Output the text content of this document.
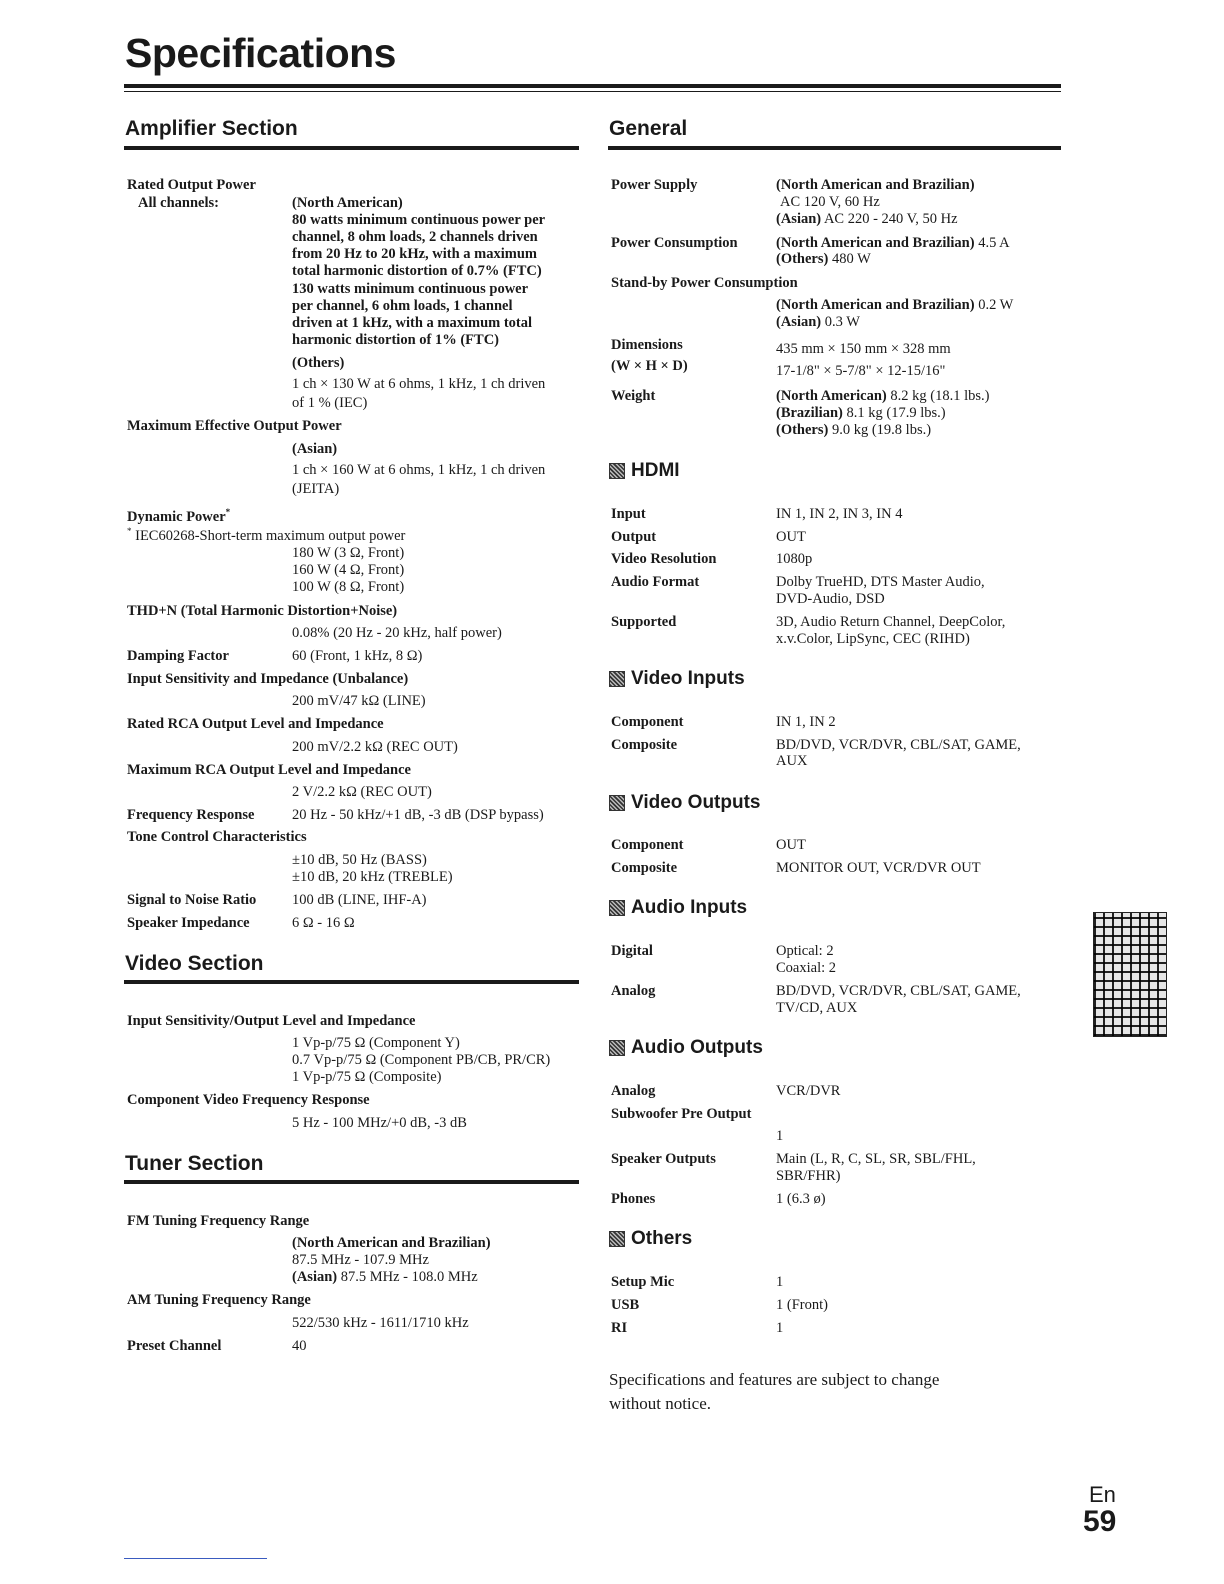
Specifications
Amplifier Section
Rated Output Power
All channels:	(North American)
80 watts minimum continuous power per
channel, 8 ohm loads, 2 channels driven
from 20 Hz to 20 kHz, with a maximum
total harmonic distortion of 0.7% (FTC)
130 watts minimum continuous power
per channel, 6 ohm loads, 1 channel
driven at 1 kHz, with a maximum total
harmonic distortion of 1% (FTC)
(Others)
1 ch × 130 W at 6 ohms, 1 kHz, 1 ch driven
of 1 % (IEC)
Maximum Effective Output Power
(Asian)
1 ch × 160 W at 6 ohms, 1 kHz, 1 ch driven
(JEITA)
Dynamic Power*
* IEC60268-Short-term maximum output power
180 W (3 Ω, Front)
160 W (4 Ω, Front)
100 W (8 Ω, Front)
THD+N (Total Harmonic Distortion+Noise)
0.08% (20 Hz - 20 kHz, half power)
Damping Factor	60 (Front, 1 kHz, 8 Ω)
Input Sensitivity and Impedance (Unbalance)
200 mV/47 kΩ (LINE)
Rated RCA Output Level and Impedance
200 mV/2.2 kΩ (REC OUT)
Maximum RCA Output Level and Impedance
2 V/2.2 kΩ (REC OUT)
Frequency Response	20 Hz - 50 kHz/+1 dB, -3 dB (DSP bypass)
Tone Control Characteristics
±10 dB, 50 Hz (BASS)
±10 dB, 20 kHz (TREBLE)
Signal to Noise Ratio 100 dB (LINE, IHF-A)
Speaker Impedance	6 Ω - 16 Ω
Video Section
Input Sensitivity/Output Level and Impedance
1 Vp-p/75 Ω (Component Y)
0.7 Vp-p/75 Ω (Component PB/CB, PR/CR)
1 Vp-p/75 Ω (Composite)
Component Video Frequency Response
5 Hz - 100 MHz/+0 dB, -3 dB
Tuner Section
FM Tuning Frequency Range
(North American and Brazilian)
87.5 MHz - 107.9 MHz
(Asian) 87.5 MHz - 108.0 MHz
AM Tuning Frequency Range
522/530 kHz - 1611/1710 kHz
Preset Channel	40
General
Power Supply	(North American and Brazilian)
AC 120 V, 60 Hz
(Asian) AC 220 - 240 V, 50 Hz
Power Consumption	(North American and Brazilian) 4.5 A
(Others) 480 W
Stand-by Power Consumption
(North American and Brazilian) 0.2 W
(Asian) 0.3 W
Dimensions
(W × H × D)
435 mm × 150 mm × 328 mm
17-1/8" × 5-7/8" × 12-15/16"
Weight	(North American) 8.2 kg (18.1 lbs.)
(Brazilian) 8.1 kg (17.9 lbs.)
(Others) 9.0 kg (19.8 lbs.)
HDMI
Input	IN 1, IN 2, IN 3, IN 4
Output	OUT
Video Resolution	1080p
Audio Format	Dolby TrueHD, DTS Master Audio,
DVD-Audio, DSD
Supported	3D, Audio Return Channel, DeepColor,
x.v.Color, LipSync, CEC (RIHD)
Video Inputs
Component	IN 1, IN 2
Composite	BD/DVD, VCR/DVR, CBL/SAT, GAME,
AUX
Video Outputs
Component	OUT
Composite	MONITOR OUT, VCR/DVR OUT
Audio Inputs
Digital	Optical: 2
Coaxial: 2
Analog	BD/DVD, VCR/DVR, CBL/SAT, GAME,
TV/CD, AUX
Audio Outputs
Analog	VCR/DVR
Subwoofer Pre Output
1
Speaker Outputs	Main (L, R, C, SL, SR, SBL/FHL,
SBR/FHR)
Phones	1 (6.3 ø)
Others
Setup Mic	1
USB	1 (Front)
RI	1
Specifications and features are subject to change
without notice.
En
59
